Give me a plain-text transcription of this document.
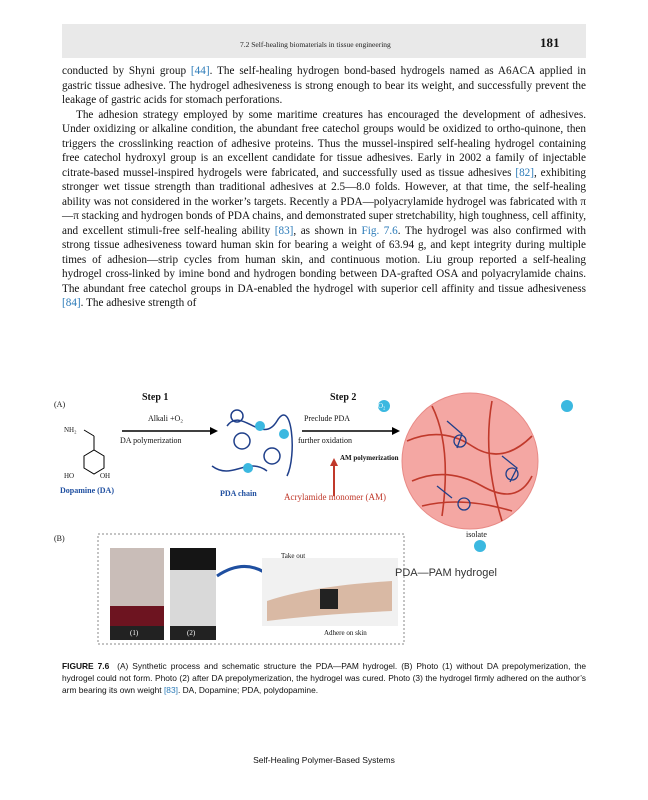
7.2 Self-healing biomaterials in tissue engineering	181

conducted by Shyni group [44]. The self-healing hydrogen bond-based hydrogels named as A6ACA applied in gastric tissue adhesive. The hydrogel adhesiveness is strong enough to bear its weight, and successfully prevent the leakage of gastric acids for stomach perforations.

The adhesion strategy employed by some maritime creatures has encouraged the development of adhesives. Under oxidizing or alkaline condition, the abundant free catechol groups would be oxidized to ortho-quinone, then triggers the crosslinking reaction of adhesive proteins. Thus the mussel-inspired self-healing hydrogel containing free catechol hydroxyl group is an excellent candidate for tissue adhesives. Early in 2002 a family of injectable citrate-based mussel-inspired hydrogels were fabricated, and successfully used as tissue adhesives [82], exhibiting stronger wet tissue strength than traditional adhesives at 2.5—8.0 folds. However, at that time, the self-healing ability was not considered in the worker’s targets. Recently a PDA—polyacrylamide hydrogel was fabricated with π—π stacking and hydrogen bonds of PDA chains, and demonstrated super stretchability, high toughness, cell affinity, and excellent stimuli-free self-healing ability [83], as shown in Fig. 7.6. The hydrogel was also confirmed with strong tissue adhesiveness toward human skin for bearing a weight of 63.94 g, and kept integrity during multiple times of adhesion—strip cycles from human skin, and continuous motion. Liu group reported a self-healing hydrogel cross-linked by imine bond and hydrogen bonding between DA-grafted OSA and polyacrylamide chains. The abundant free catechol groups in DA-enabled the hydrogel with superior cell affinity and tissue adhesiveness [84]. The adhesive strength of

(A)
(B)
Step 1	Step 2
Alkali +O₂
DA polymerization
NH₂
HO	OH
Dopamine (DA)	PDA chain
Preclude PDA
further oxidation
AM polymerization
Acrylamide monomer (AM)
isolate
O₂
Take out
Adhere on skin
(1)	(2)
PDA—PAM hydrogel
FIGURE 7.6 (A) Synthetic process and schematic structure the PDA—PAM hydrogel. (B) Photo (1) without DA prepolymerization, the hydrogel could not form. Photo (2) after DA prepolymerization, the hydrogel was cured. Photo (3) the hydrogel firmly adhered on the author’s arm bearing its own weight [83]. DA, Dopamine; PDA, polydopamine.
Self-Healing Polymer-Based Systems
